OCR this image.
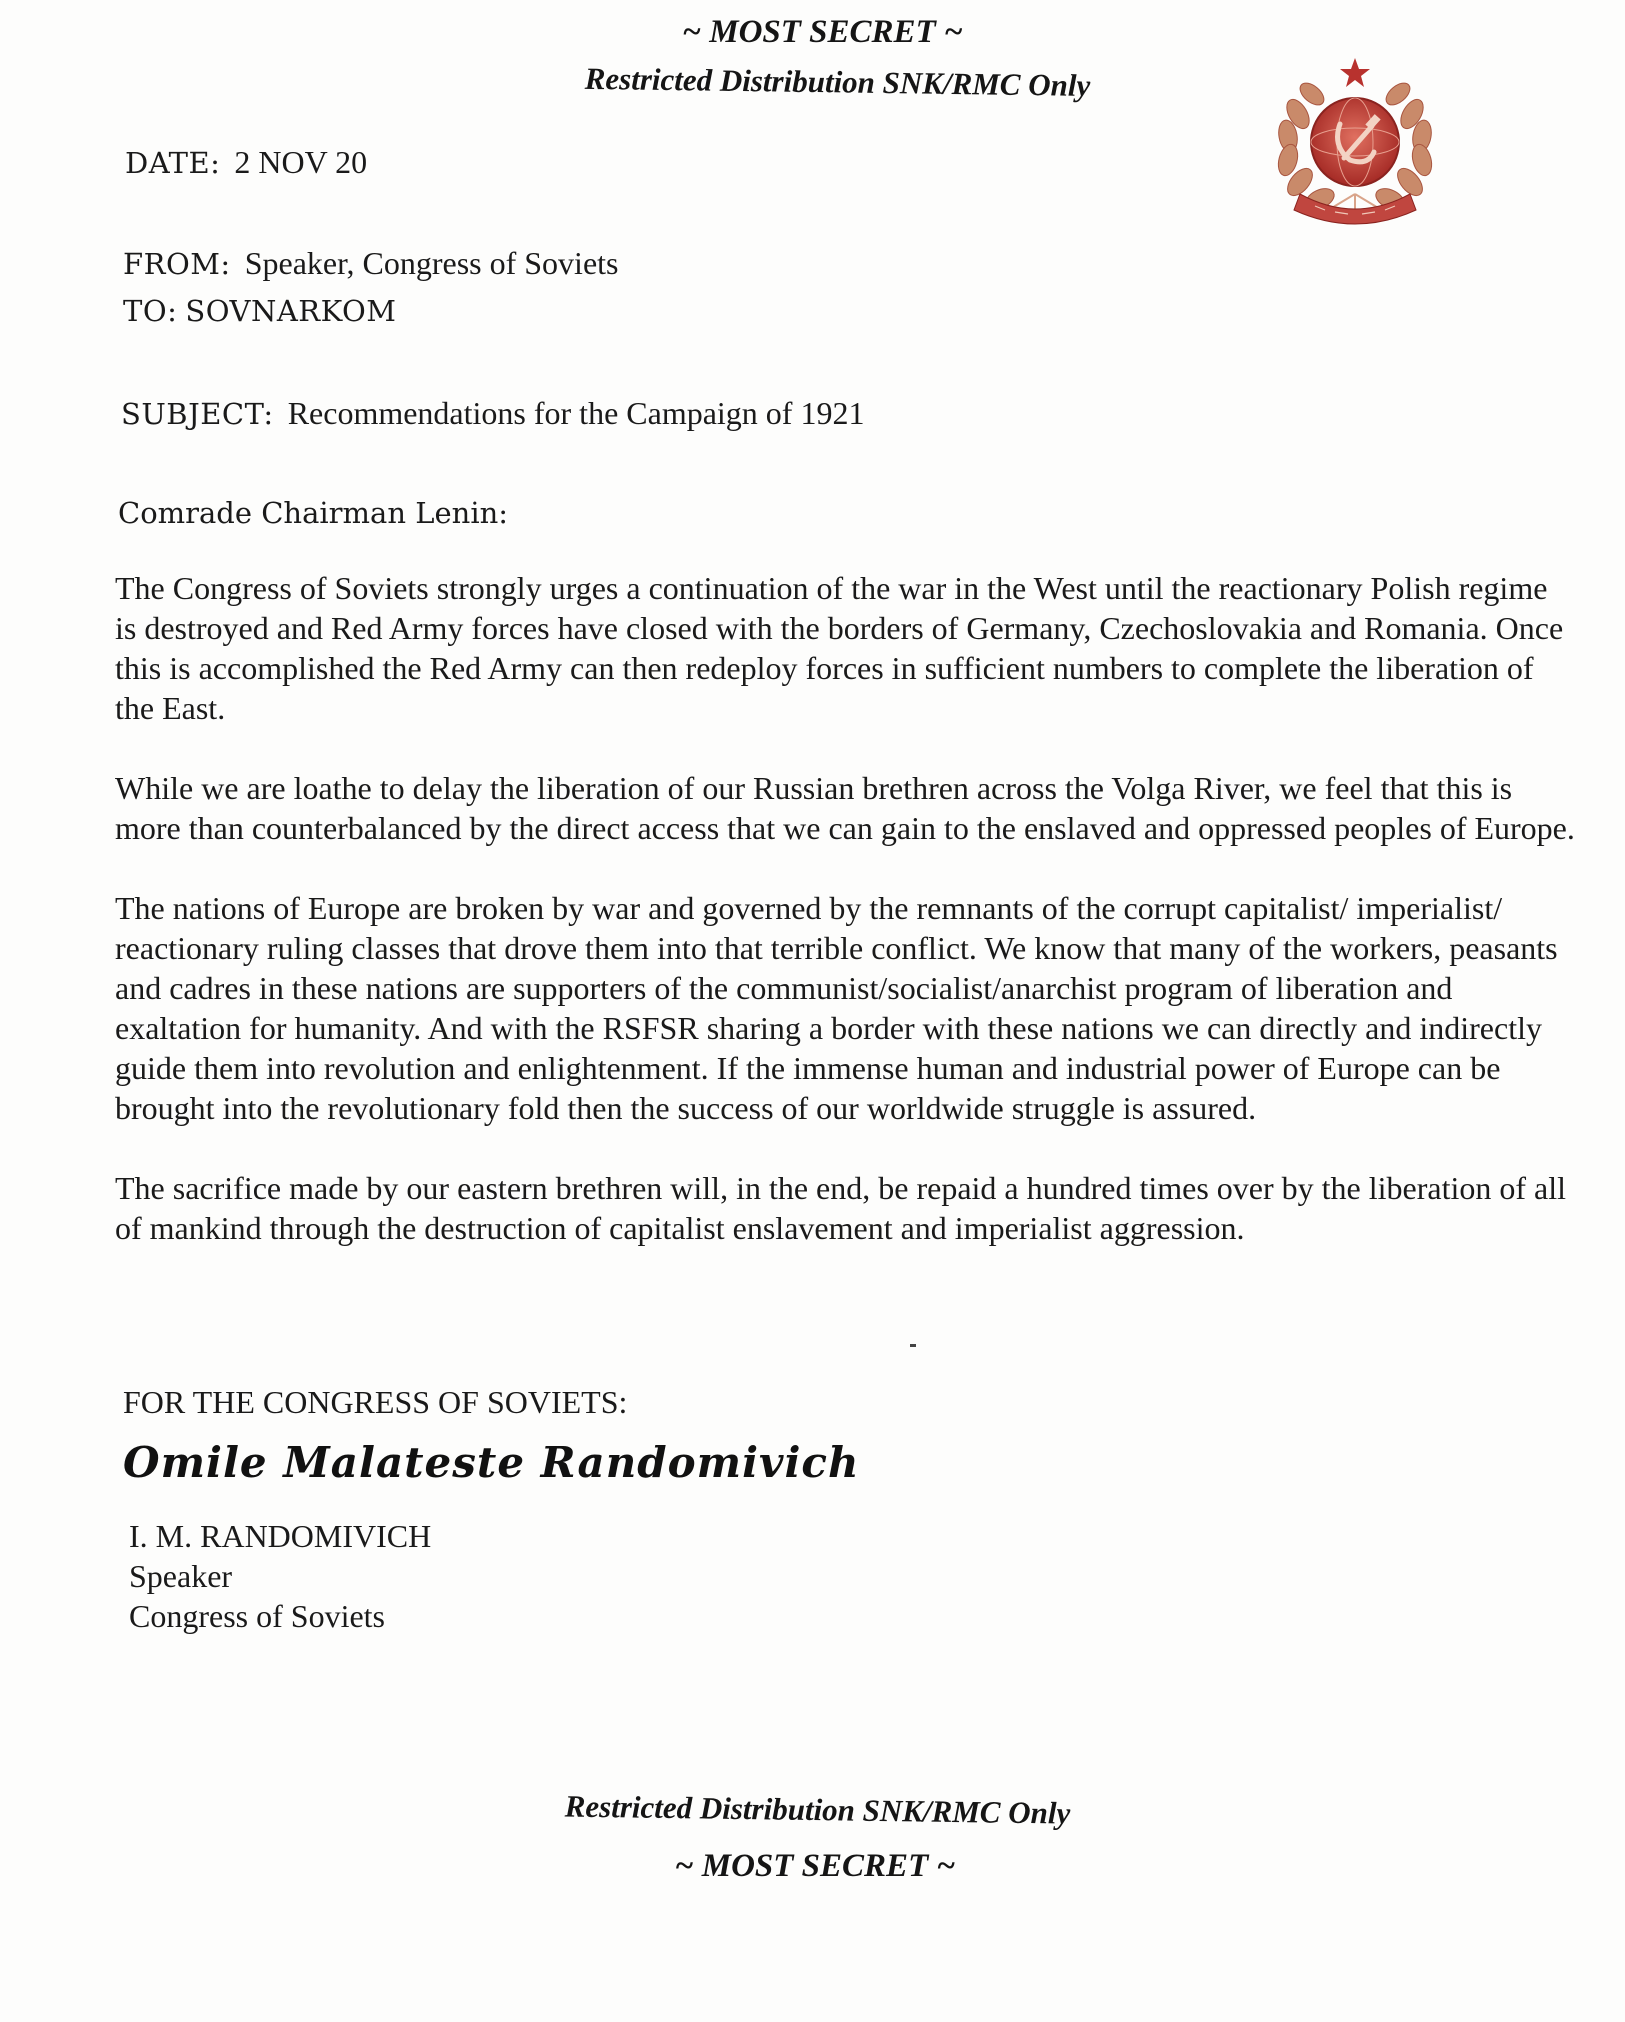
~ MOST SECRET ~
Restricted Distribution SNK/RMC Only
DATE: 2 NOV 20
FROM: Speaker, Congress of Soviets
TO: SOVNARKOM
SUBJECT: Recommendations for the Campaign of 1921
Comrade Chairman Lenin:

The Congress of Soviets strongly urges a continuation of the war in the West until the reactionary Polish regime is destroyed and Red Army forces have closed with the borders of Germany, Czechoslovakia and Romania. Once this is accomplished the Red Army can then redeploy forces in sufficient numbers to complete the liberation of the East.

While we are loathe to delay the liberation of our Russian brethren across the Volga River, we feel that this is more than counterbalanced by the direct access that we can gain to the enslaved and oppressed peoples of Europe.

The nations of Europe are broken by war and governed by the remnants of the corrupt capitalist/ imperialist/ reactionary ruling classes that drove them into that terrible conflict. We know that many of the workers, peasants and cadres in these nations are supporters of the communist/socialist/anarchist program of liberation and exaltation for humanity. And with the RSFSR sharing a border with these nations we can directly and indirectly guide them into revolution and enlightenment. If the immense human and industrial power of Europe can be brought into the revolutionary fold then the success of our worldwide struggle is assured.

The sacrifice made by our eastern brethren will, in the end, be repaid a hundred times over by the liberation of all of mankind through the destruction of capitalist enslavement and imperialist aggression.

FOR THE CONGRESS OF SOVIETS:
Omile Malateste Randomivich
I. M. RANDOMIVICH
Speaker
Congress of Soviets
Restricted Distribution SNK/RMC Only
~ MOST SECRET ~
